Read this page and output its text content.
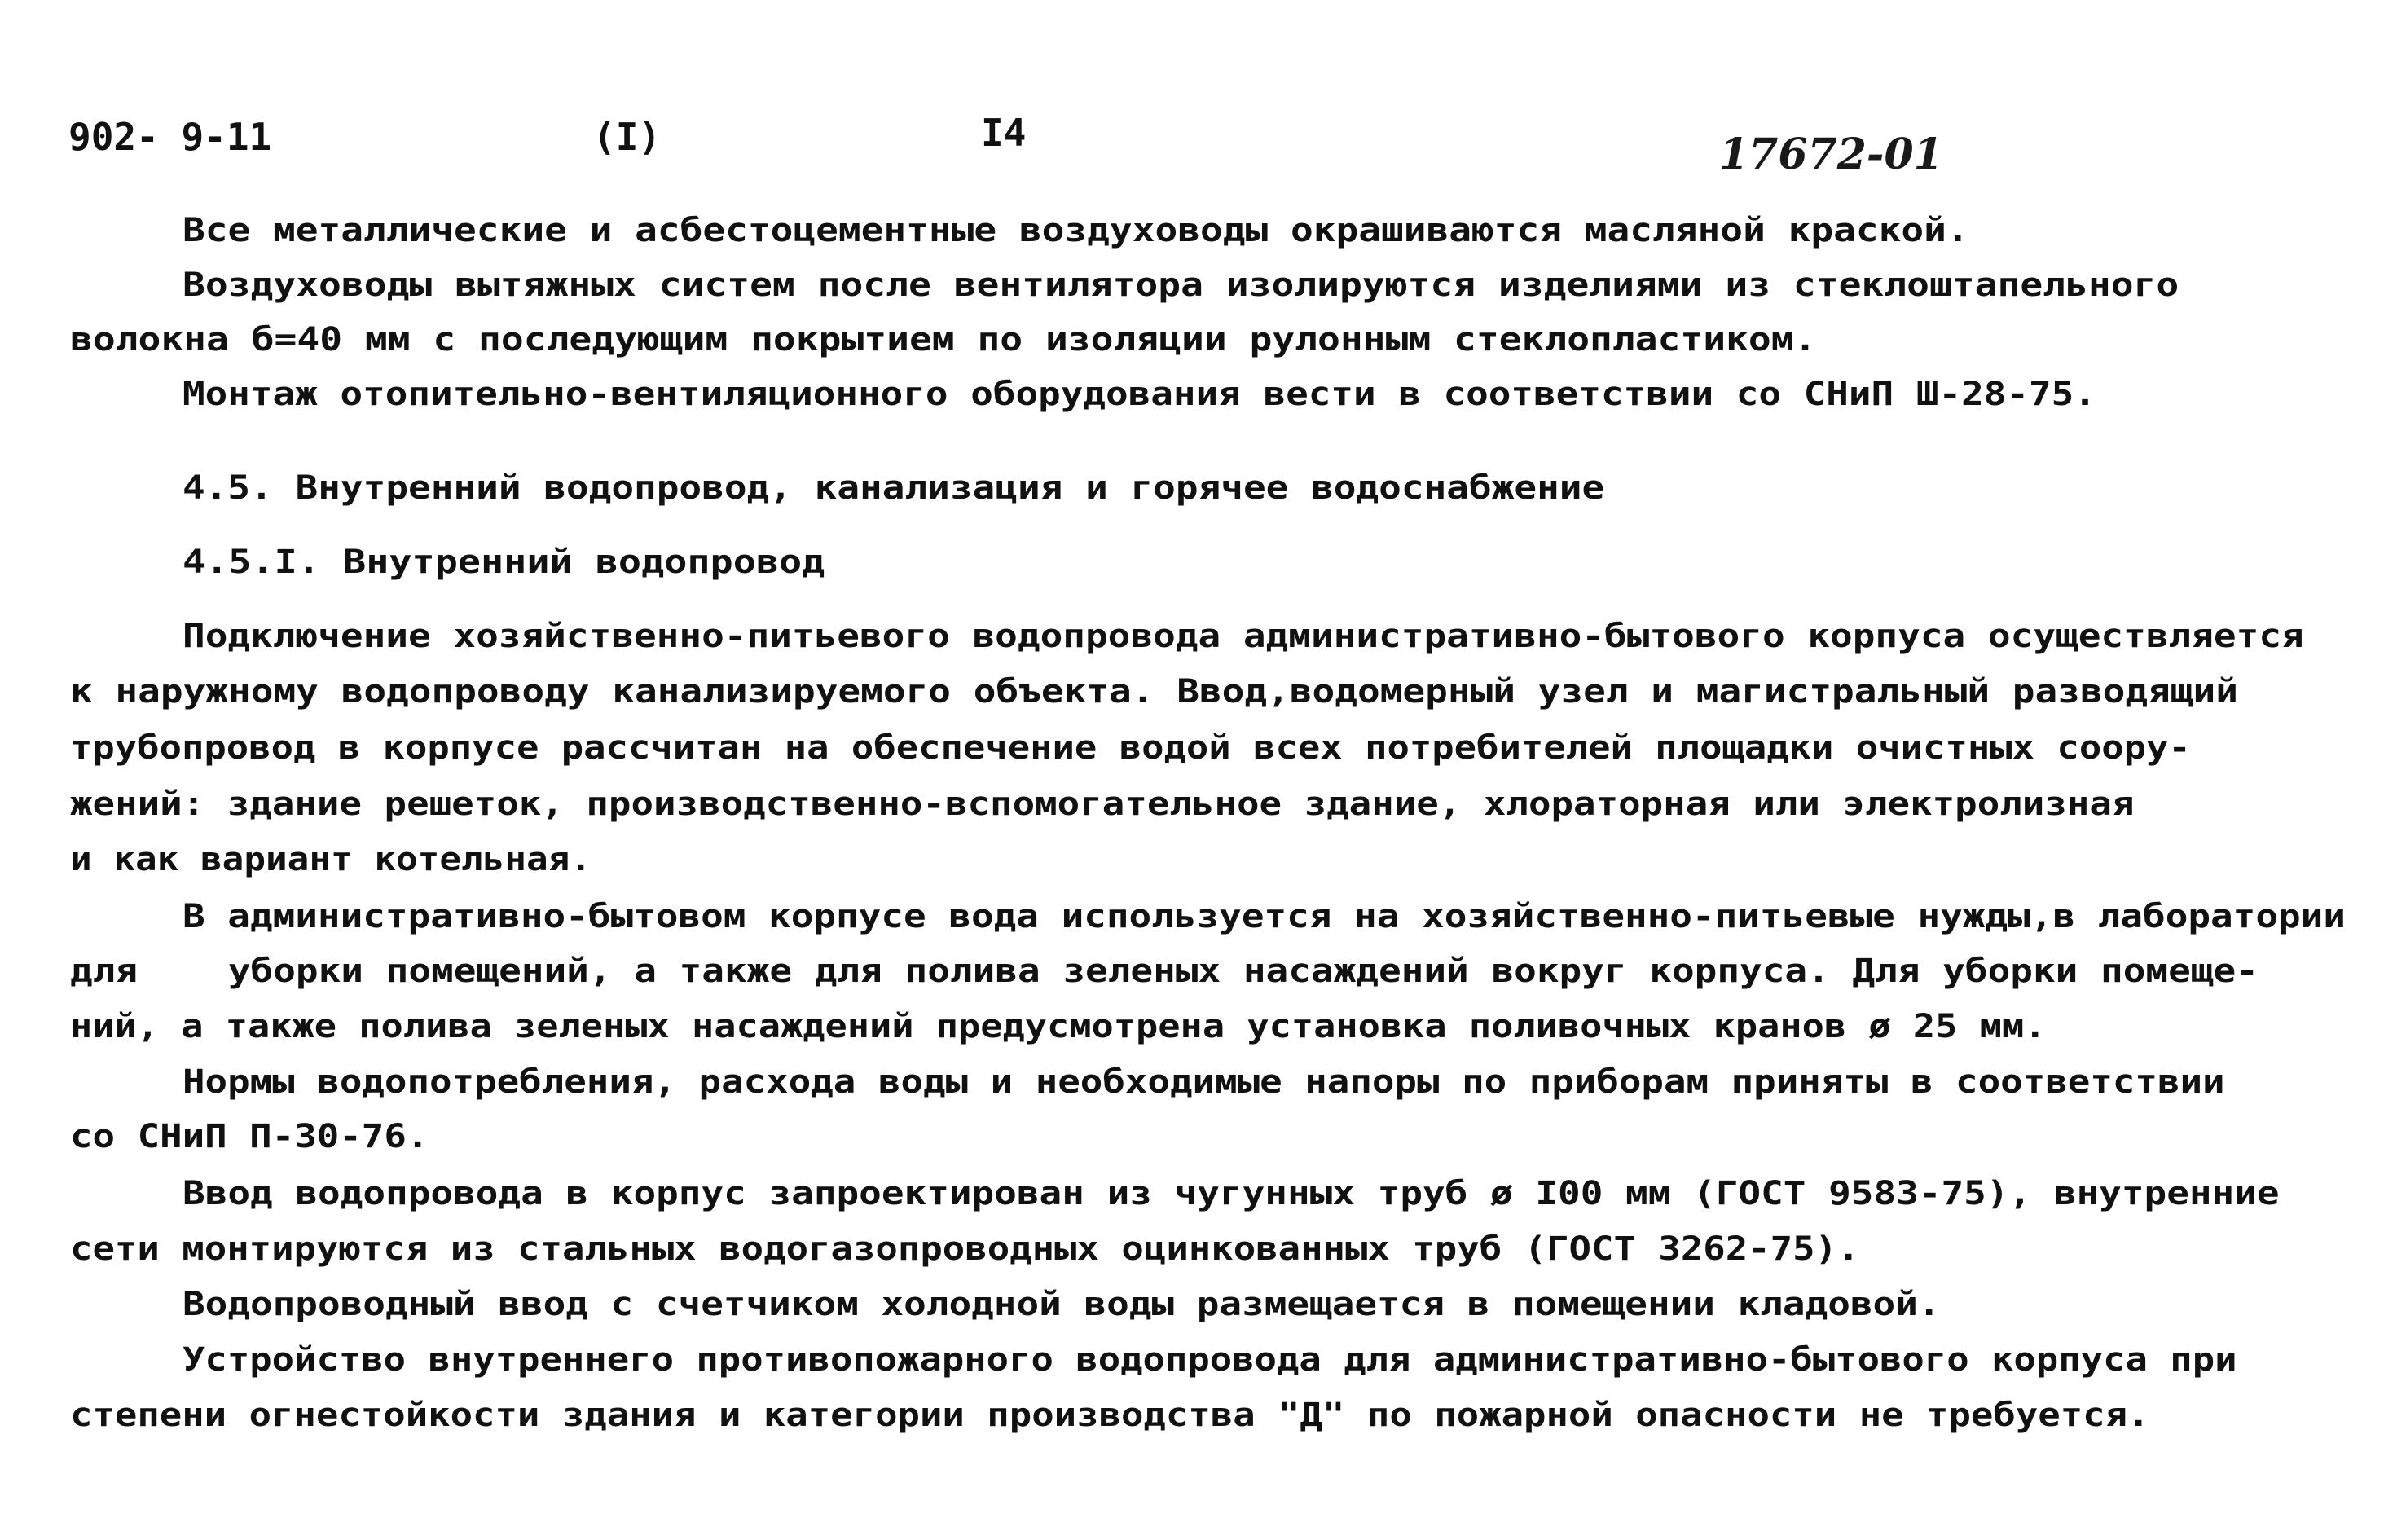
902- 9-11	(I)	I4	17672-01
Все металлические и асбестоцементные воздуховоды окрашиваются масляной краской.
Воздуховоды вытяжных систем после вентилятора изолируются изделиями из стеклоштапельного
волокна б=40 мм с последующим покрытием по изоляции рулонным стеклопластиком.
Монтаж отопительно-вентиляционного оборудования вести в соответствии со СНиП Ш-28-75.
4.5. Внутренний водопровод, канализация и горячее водоснабжение
4.5.I. Внутренний водопровод
Подключение хозяйственно-питьевого водопровода административно-бытового корпуса осуществляется
к наружному водопроводу канализируемого объекта. Ввод,водомерный узел и магистральный разводящий
трубопровод в корпусе рассчитан на обеспечение водой всех потребителей площадки очистных соору-
жений: здание решеток, производственно-вспомогательное здание, хлораторная или электролизная
и как вариант котельная.
В административно-бытовом корпусе вода используется на хозяйственно-питьевые нужды,в лаборатории
для    уборки помещений, а также для полива зеленых насаждений вокруг корпуса. Для уборки помеще-
ний, а также полива зеленых насаждений предусмотрена установка поливочных кранов ø 25 мм.
Нормы водопотребления, расхода воды и необходимые напоры по приборам приняты в соответствии
со СНиП П-30-76.
Ввод водопровода в корпус запроектирован из чугунных труб ø I00 мм (ГОСТ 9583-75), внутренние
сети монтируются из стальных водогазопроводных оцинкованных труб (ГОСТ 3262-75).
Водопроводный ввод с счетчиком холодной воды размещается в помещении кладовой.
Устройство внутреннего противопожарного водопровода для административно-бытового корпуса при
степени огнестойкости здания и категории производства "Д" по пожарной опасности не требуется.
